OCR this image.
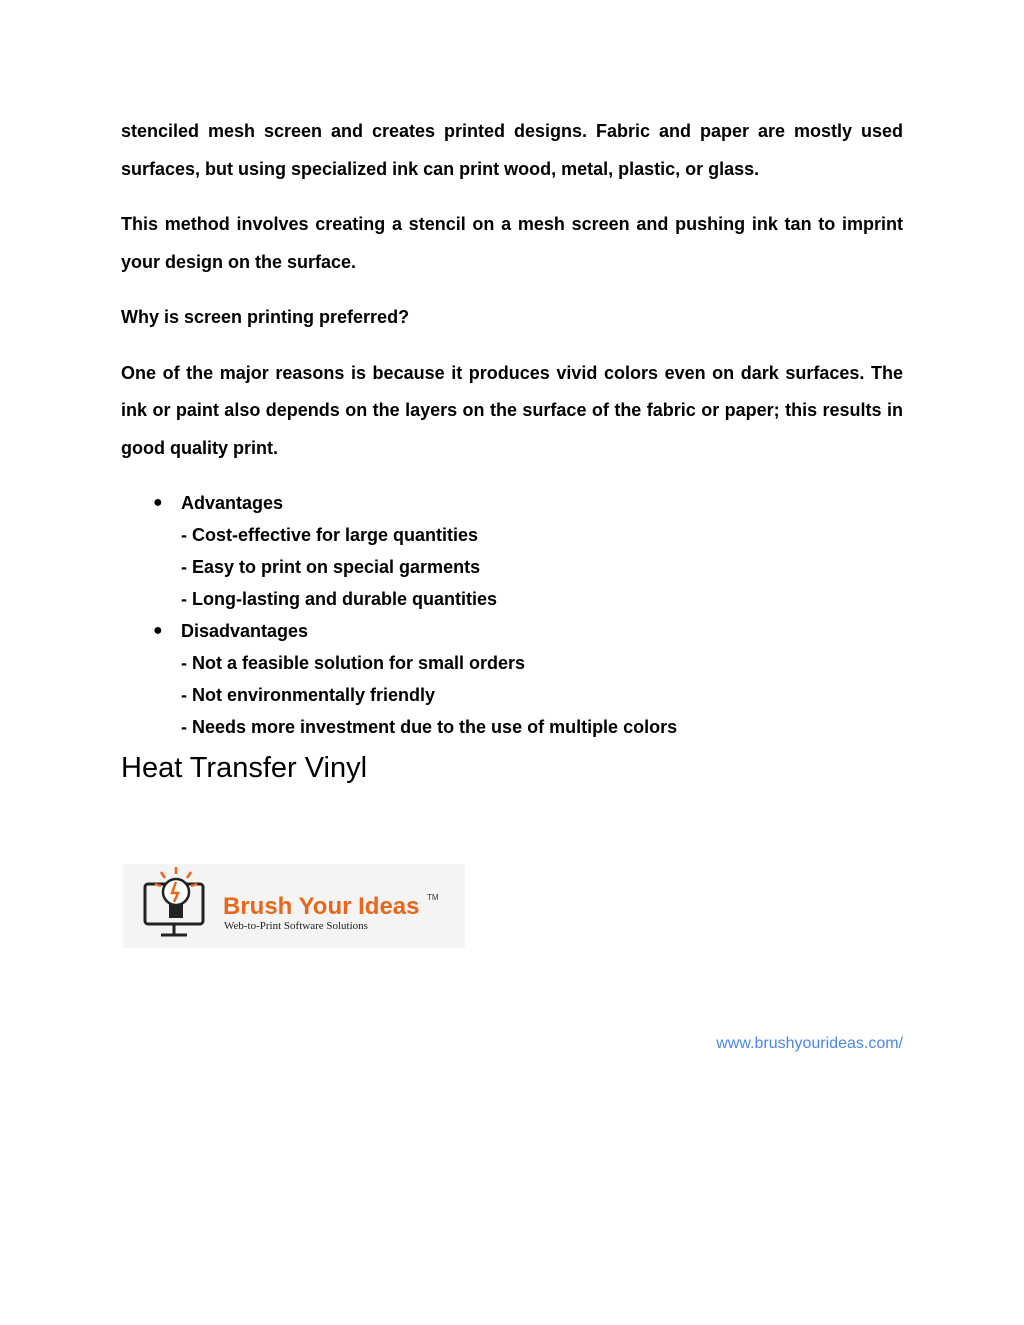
stenciled mesh screen and creates printed designs. Fabric and paper are mostly used surfaces, but using specialized ink can print wood, metal, plastic, or glass.

This method involves creating a stencil on a mesh screen and pushing ink tan to imprint your design on the surface.

Why is screen printing preferred?

One of the major reasons is because it produces vivid colors even on dark surfaces. The ink or paint also depends on the layers on the surface of the fabric or paper; this results in good quality print.

● Advantages
- Cost-effective for large quantities
- Easy to print on special garments
- Long-lasting and durable quantities
● Disadvantages
- Not a feasible solution for small orders
- Not environmentally friendly
- Needs more investment due to the use of multiple colors
Heat Transfer Vinyl
Brush Your Ideas TM
Web-to-Print Software Solutions
www.brushyourideas.com/
